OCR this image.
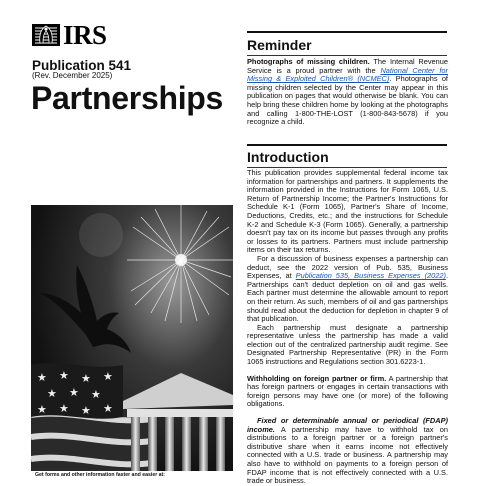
IRS
Publication 541
(Rev. December 2025)
Partnerships
★ ★ ★ ★
★ ★ ★
★ ★ ★ ★
Get forms and other information faster and easier at:
Reminder

Photographs of missing children. The Internal Revenue Service is a proud partner with the National Center for Missing & Exploited Children® (NCMEC). Photographs of missing children selected by the Center may appear in this publication on pages that would otherwise be blank. You can help bring these children home by looking at the photographs and calling 1-800-THE-LOST (1-800-843-5678) if you recognize a child.

Introduction

This publication provides supplemental federal income tax information for partnerships and partners. It supplements the information provided in the Instructions for Form 1065, U.S. Return of Partnership Income; the Partner's Instructions for Schedule K-1 (Form 1065), Partner's Share of Income, Deductions, Credits, etc.; and the instructions for Schedule K-2 and Schedule K-3 (Form 1065). Generally, a partnership doesn't pay tax on its income but passes through any profits or losses to its partners. Partners must include partnership items on their tax returns.

For a discussion of business expenses a partnership can deduct, see the 2022 version of Pub. 535, Business Expenses, at Publication 535, Business Expenses (2022). Partnerships can't deduct depletion on oil and gas wells. Each partner must determine the allowable amount to report on their return. As such, members of oil and gas partnerships should read about the deduction for depletion in chapter 9 of that publication.

Each partnership must designate a partnership representative unless the partnership has made a valid election out of the centralized partnership audit regime. See Designated Partnership Representative (PR) in the Form 1065 instructions and Regulations section 301.6223-1.

Withholding on foreign partner or firm. A partnership that has foreign partners or engages in certain transactions with foreign persons may have one (or more) of the following obligations.

Fixed or determinable annual or periodical (FDAP) income. A partnership may have to withhold tax on distributions to a foreign partner or a foreign partner's distributive share when it earns income not effectively connected with a U.S. trade or business. A partnership may also have to withhold on payments to a foreign person of FDAP income that is not effectively connected with a U.S. trade or business.
